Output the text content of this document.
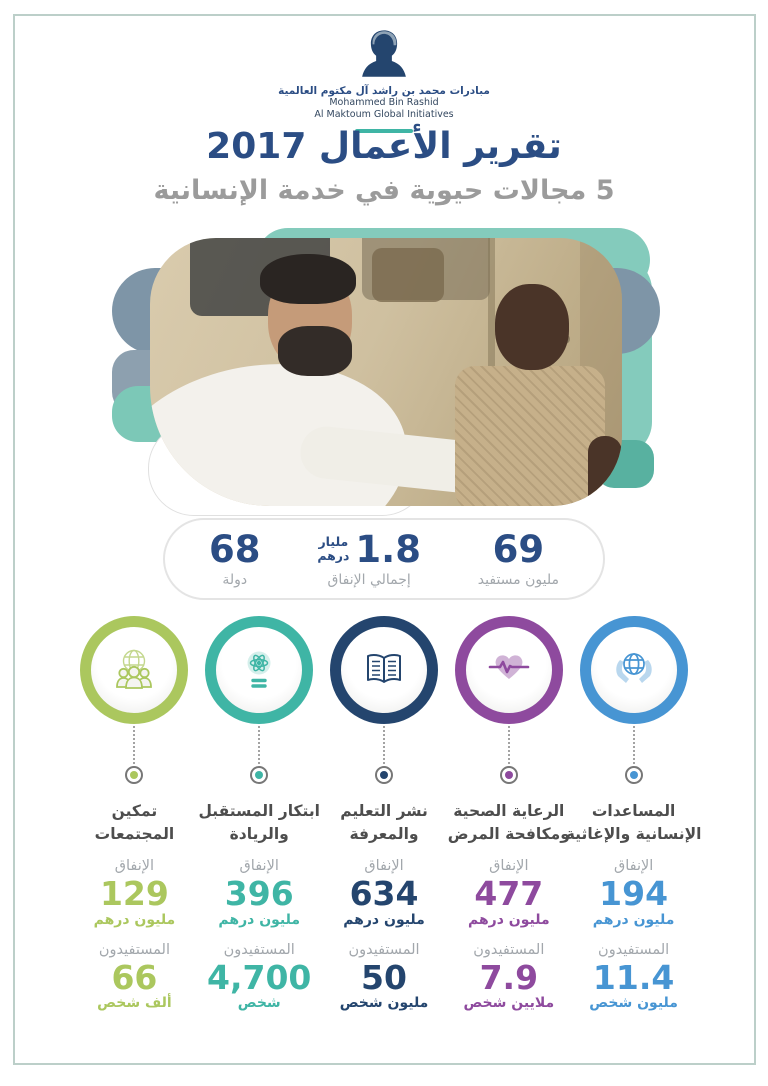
مبادرات محمد بن راشد آل مكتوم العالمية
Mohammed Bin Rashid
Al Maktoum Global Initiatives
تقرير الأعمال 2017
5 مجالات حيوية في خدمة الإنسانية
69
مليون مستفيد
1.8
مليار
درهم
إجمالي الإنفاق
68
دولة
المساعدات
الإنسانية والإغاثية
الإنفاق
194
مليون درهم
المستفيدون
11.4
مليون شخص
الرعاية الصحية
ومكافحة المرض
الإنفاق
477
مليون درهم
المستفيدون
7.9
ملايين شخص
نشر التعليم
والمعرفة
الإنفاق
634
مليون درهم
المستفيدون
50
مليون شخص
ابتكار المستقبل
والريادة
الإنفاق
396
مليون درهم
المستفيدون
4,700
شخص
تمكين
المجتمعات
الإنفاق
129
مليون درهم
المستفيدون
66
ألف شخص
